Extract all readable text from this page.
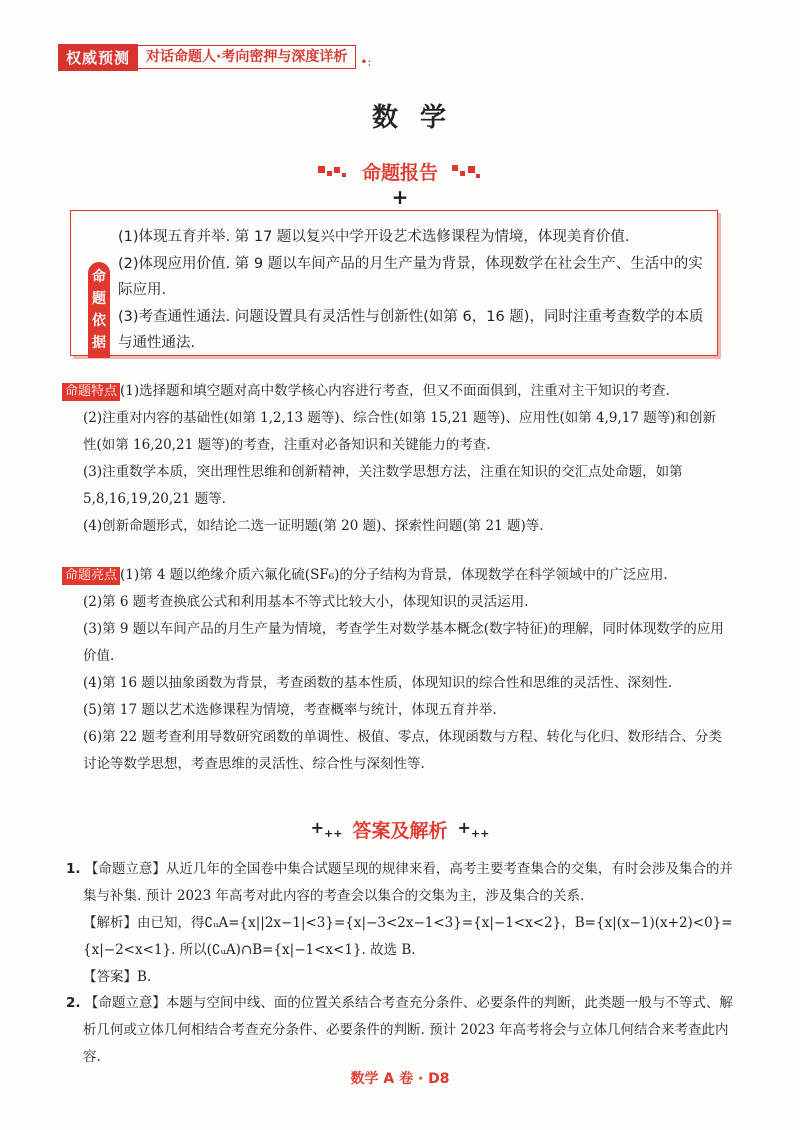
权威预测	对话命题人·考向密押与深度详析	•:
数学
命题报告
+
命题依据

(1)体现五育并举. 第 17 题以复兴中学开设艺术选修课程为情境，体现美育价值.

(2)体现应用价值. 第 9 题以车间产品的月生产量为背景，体现数学在社会生产、生活中的实际应用.

(3)考查通性通法. 问题设置具有灵活性与创新性(如第 6，16 题)，同时注重考查数学的本质与通性通法.

命题特点 (1)选择题和填空题对高中数学核心内容进行考查，但又不面面俱到，注重对主干知识的考查.

(2)注重对内容的基础性(如第 1,2,13 题等)、综合性(如第 15,21 题等)、应用性(如第 4,9,17 题等)和创新性(如第 16,20,21 题等)的考查，注重对必备知识和关键能力的考查.

(3)注重数学本质，突出理性思维和创新精神，关注数学思想方法，注重在知识的交汇点处命题，如第 5,8,16,19,20,21 题等.

(4)创新命题形式，如结论二选一证明题(第 20 题)、探索性问题(第 21 题)等.

命题亮点 (1)第 4 题以绝缘介质六氟化硫(SF₆)的分子结构为背景，体现数学在科学领域中的广泛应用.

(2)第 6 题考查换底公式和利用基本不等式比较大小，体现知识的灵活运用.

(3)第 9 题以车间产品的月生产量为情境，考查学生对数学基本概念(数字特征)的理解，同时体现数学的应用价值.

(4)第 16 题以抽象函数为背景，考查函数的基本性质，体现知识的综合性和思维的灵活性、深刻性.

(5)第 17 题以艺术选修课程为情境，考查概率与统计，体现五育并举.

(6)第 22 题考查利用导数研究函数的单调性、极值、零点，体现函数与方程、转化与化归、数形结合、分类讨论等数学思想，考查思维的灵活性、综合性与深刻性等.

$+_{++}$ 答案及解析 $+_{++}$

1. 【命题立意】从近几年的全国卷中集合试题呈现的规律来看，高考主要考查集合的交集，有时会涉及集合的并集与补集. 预计 2023 年高考对此内容的考查会以集合的交集为主，涉及集合的关系.

【解析】由已知，得∁ᵤA={x||2x−1|<3}={x|−3<2x−1<3}={x|−1<x<2}，B={x|(x−1)(x+2)<0}={x|−2<x<1}. 所以(∁ᵤA)∩B={x|−1<x<1}. 故选 B.

【答案】B.

2. 【命题立意】本题与空间中线、面的位置关系结合考查充分条件、必要条件的判断，此类题一般与不等式、解析几何或立体几何相结合考查充分条件、必要条件的判断. 预计 2023 年高考将会与立体几何结合来考查此内容.

数学 A 卷 · D8
